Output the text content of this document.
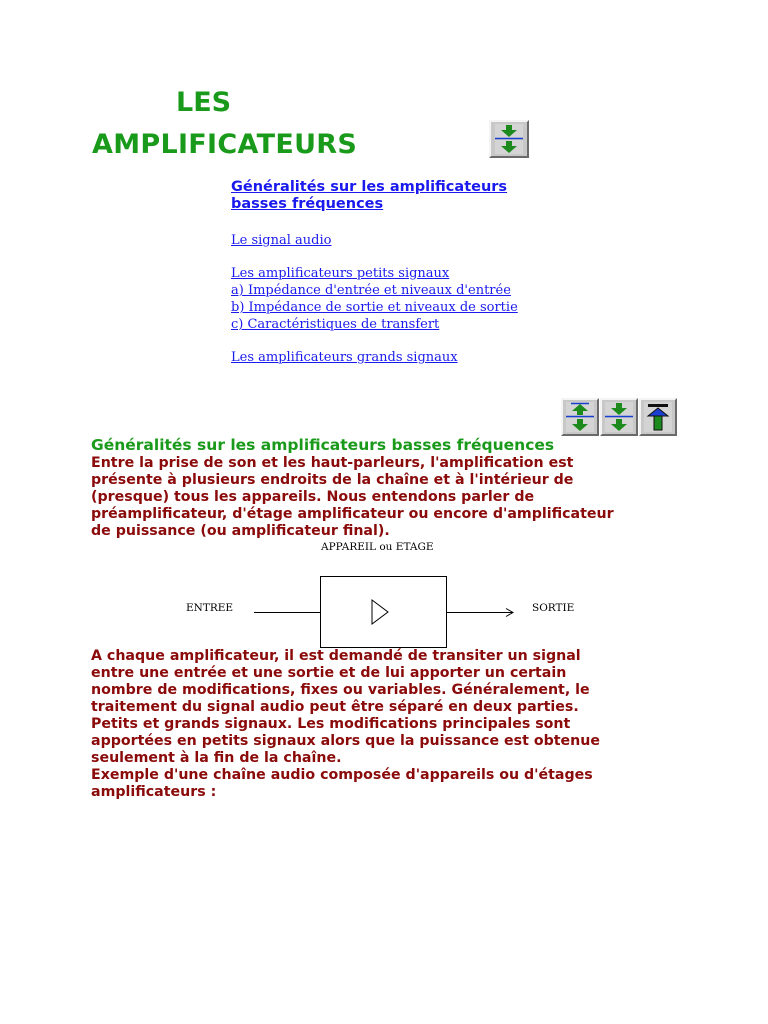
LES
AMPLIFICATEURS
Généralités sur les amplificateurs basses fréquences
Le signal audio
Les amplificateurs petits signaux
a) Impédance d'entrée et niveaux d'entrée
b) Impédance de sortie et niveaux de sortie
c) Caractéristiques de transfert
Les amplificateurs grands signaux
Généralités sur les amplificateurs basses fréquences
Entre la prise de son et les haut-parleurs, l'amplification est
présente à plusieurs endroits de la chaîne et à l'intérieur de
(presque) tous les appareils. Nous entendons parler de
préamplificateur, d'étage amplificateur ou encore d'amplificateur
de puissance (ou amplificateur final).
APPAREIL ou ETAGE
ENTREE	SORTIE
A chaque amplificateur, il est demandé de transiter un signal
entre une entrée et une sortie et de lui apporter un certain
nombre de modifications, fixes ou variables. Généralement, le
traitement du signal audio peut être séparé en deux parties.
Petits et grands signaux. Les modifications principales sont
apportées en petits signaux alors que la puissance est obtenue
seulement à la fin de la chaîne.
Exemple d'une chaîne audio composée d'appareils ou d'étages
amplificateurs :
